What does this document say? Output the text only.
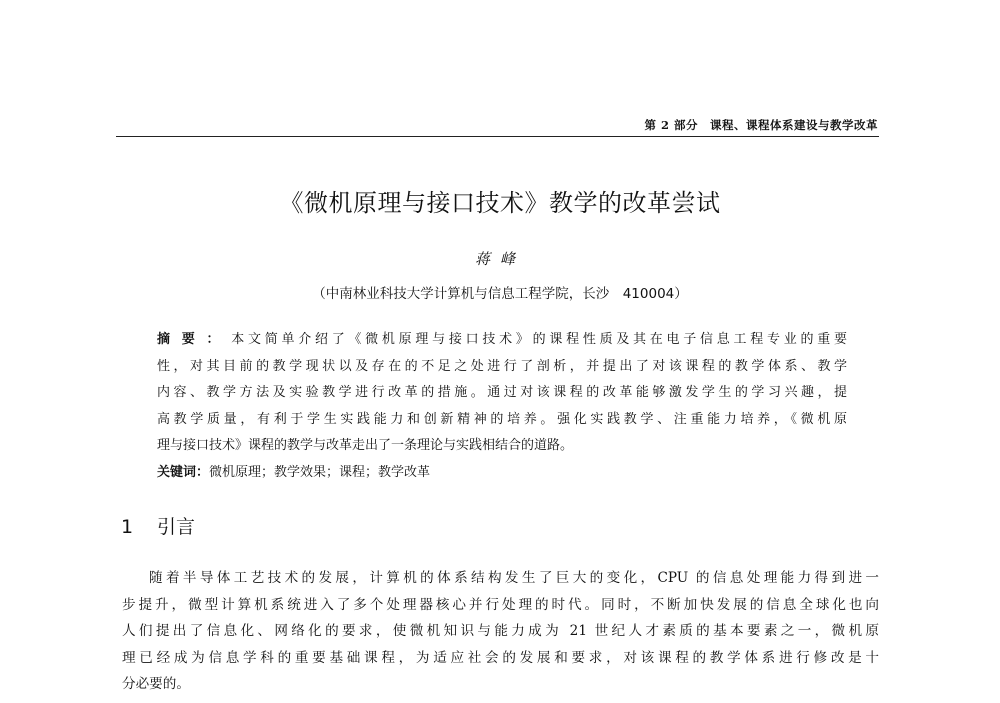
第 2 部分　课程、课程体系建设与教学改革
《微机原理与接口技术》教学的改革尝试
蒋峰
（中南林业科技大学计算机与信息工程学院，长沙　410004）
摘要：本文简单介绍了《微机原理与接口技术》的课程性质及其在电子信息工程专业的重要
性，对其目前的教学现状以及存在的不足之处进行了剖析，并提出了对该课程的教学体系、教学
内容、教学方法及实验教学进行改革的措施。通过对该课程的改革能够激发学生的学习兴趣，提
高教学质量，有利于学生实践能力和创新精神的培养。强化实践教学、注重能力培养，《微机原
理与接口技术》课程的教学与改革走出了一条理论与实践相结合的道路。
关键词：微机原理；教学效果；课程；教学改革
1 引言
随着半导体工艺技术的发展，计算机的体系结构发生了巨大的变化，CPU 的信息处理能力得到进一
步提升，微型计算机系统进入了多个处理器核心并行处理的时代。同时，不断加快发展的信息全球化也向
人们提出了信息化、网络化的要求，使微机知识与能力成为 21 世纪人才素质的基本要素之一，微机原
理已经成为信息学科的重要基础课程，为适应社会的发展和要求，对该课程的教学体系进行修改是十
分必要的。
